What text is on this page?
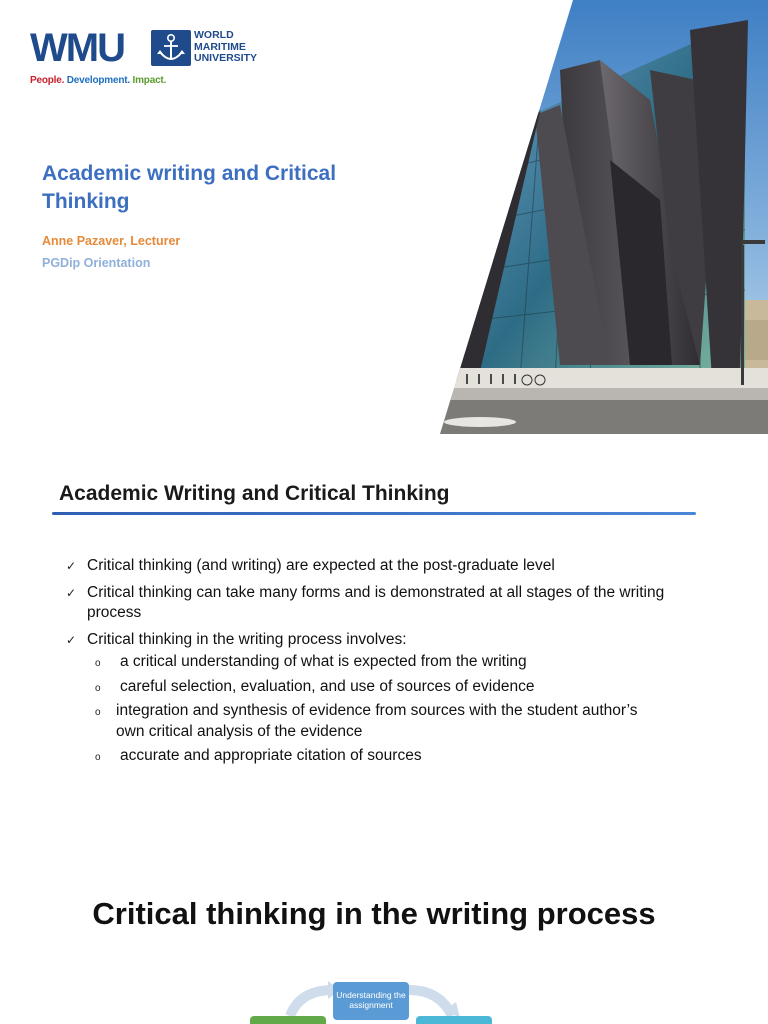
WMU	WORLD
MARITIME
UNIVERSITY
People. Development. Impact.
Academic writing and Critical Thinking
Anne Pazaver, Lecturer
PGDip Orientation
Academic Writing and Critical Thinking
✓ Critical thinking (and writing) are expected at the post-graduate level
✓ Critical thinking can take many forms and is demonstrated at all stages of the writing process
✓ Critical thinking in the writing process involves:
o a critical understanding of what is expected from the writing
o careful selection, evaluation, and use of sources of evidence
o integration and synthesis of evidence from sources with the student author’s own critical analysis of the evidence
o accurate and appropriate citation of sources
Critical thinking in the writing process
Understanding the assignment
